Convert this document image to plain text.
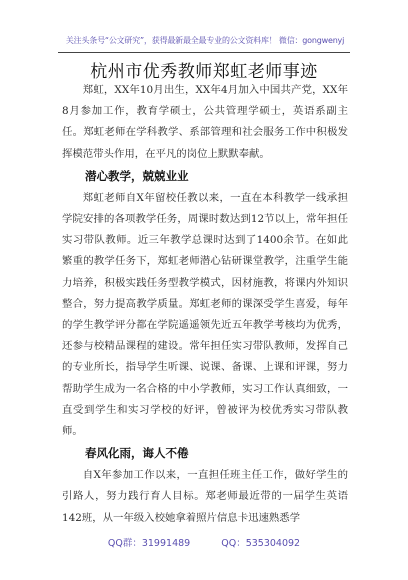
关注头条号“公文研究”，获得最新最全最专业的公文资料库！ 微信：gongwenyj
杭州市优秀教师郑虹老师事迹

郑虹，XX年10月出生，XX年4月加入中国共产党，XX年8月参加工作，教育学硕士，公共管理学硕士，英语系副主任。郑虹老师在学科教学、系部管理和社会服务工作中积极发挥模范带头作用，在平凡的岗位上默默奉献。

潜心教学，兢兢业业

郑虹老师自X年留校任教以来，一直在本科教学一线承担学院安排的各项教学任务，周课时数达到12节以上，常年担任实习带队教师。近三年教学总课时达到了1400余节。在如此繁重的教学任务下，郑虹老师潜心钻研课堂教学，注重学生能力培养，积极实践任务型教学模式，因材施教，将课内外知识整合，努力提高教学质量。郑虹老师的课深受学生喜爱，每年的学生教学评分都在学院遥遥领先近五年教学考核均为优秀，还参与校精品课程的建设。常年担任实习带队教师，发挥自己的专业所长，指导学生听课、说课、备课、上课和评课，努力帮助学生成为一名合格的中小学教师，实习工作认真细致，一直受到学生和实习学校的好评，曾被评为校优秀实习带队教师。

春风化雨，诲人不倦

自X年参加工作以来，一直担任班主任工作，做好学生的引路人，努力践行育人目标。郑老师最近带的一届学生英语142班，从一年级入校她拿着照片信息卡迅速熟悉学

QQ群：31991489	QQ：535304092
